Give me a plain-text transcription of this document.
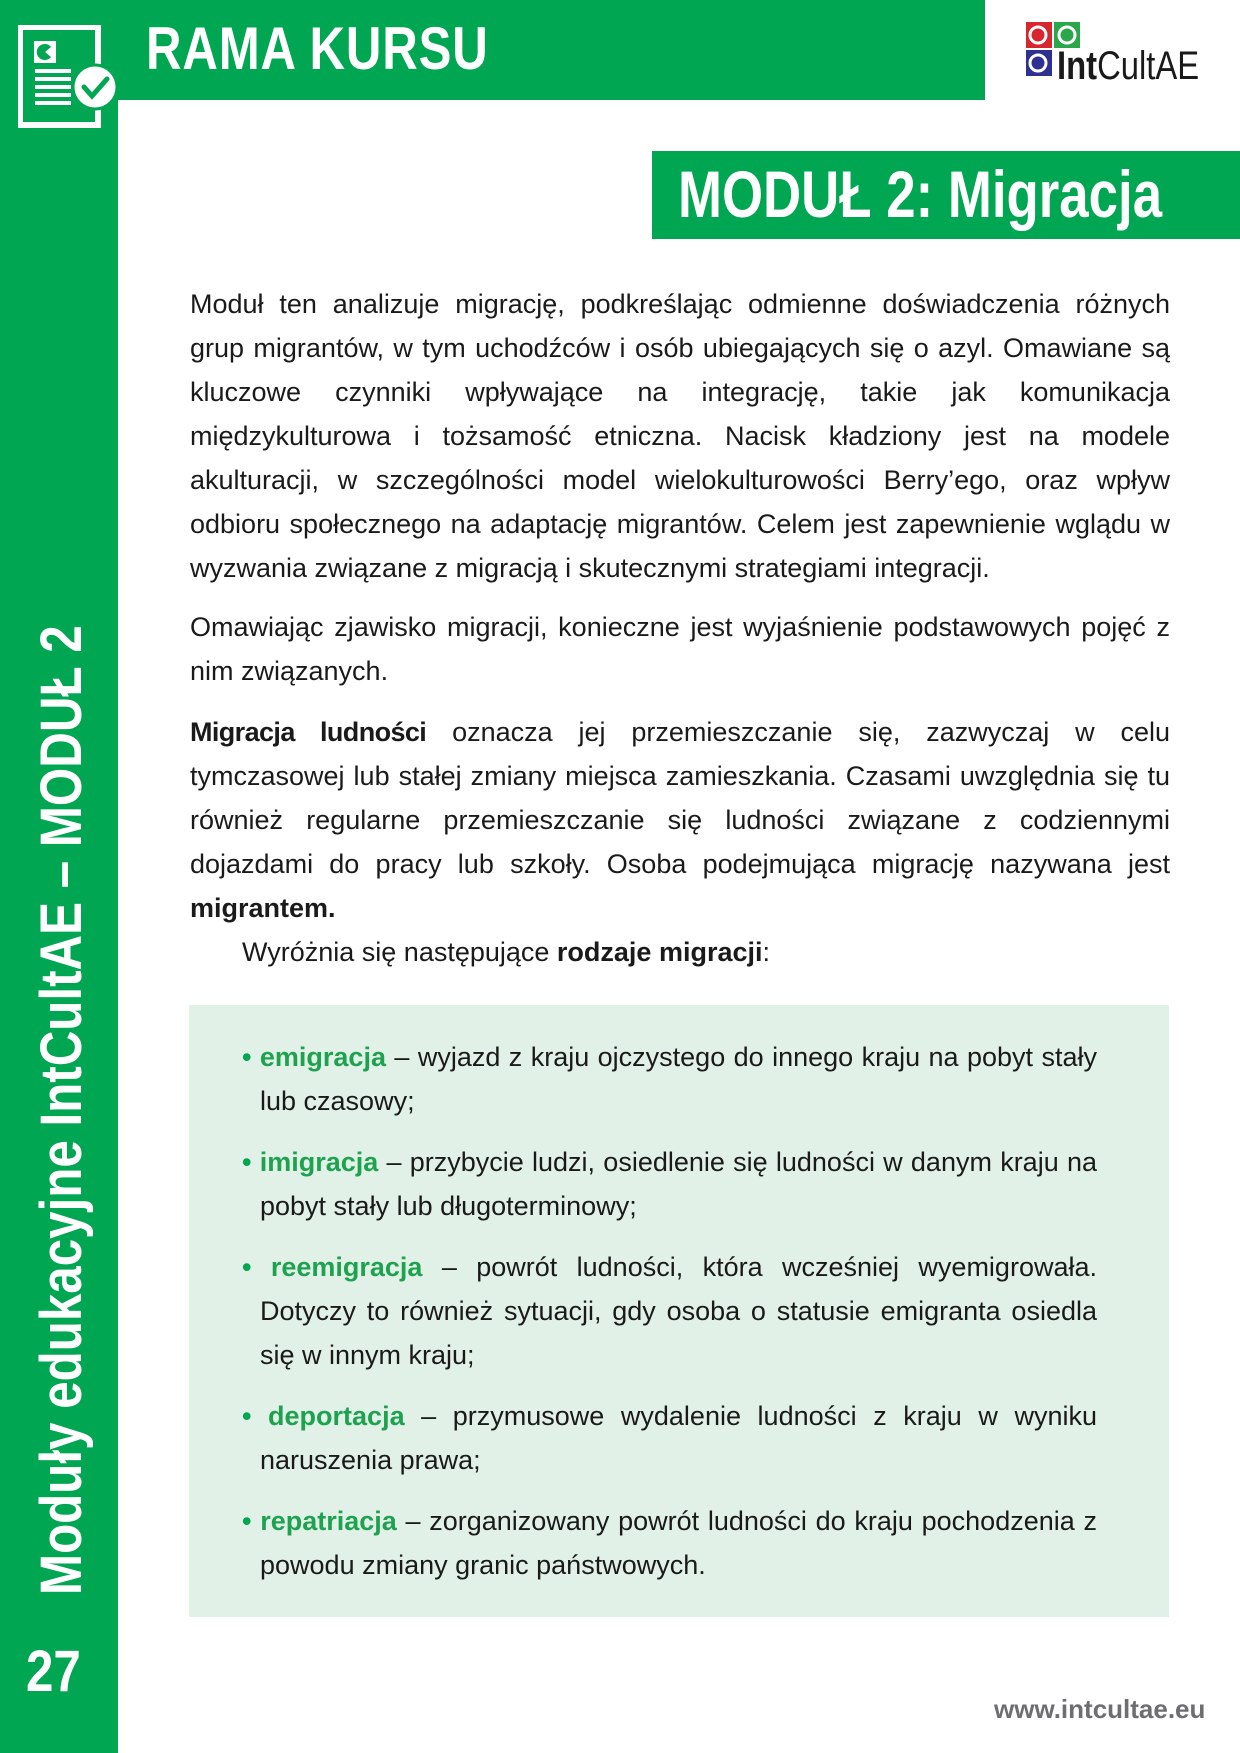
RAMA KURSU	IntCultAE
MODUŁ 2: Migracja
Moduły edukacyjne IntCultAE – MODUŁ 2
27

Moduł ten analizuje migrację, podkreślając odmienne doświadczenia różnych grup migrantów, w tym uchodźców i osób ubiegających się o azyl. Omawiane są kluczowe czynniki wpływające na integrację, takie jak komunikacja międzykulturowa i tożsamość etniczna. Nacisk kładziony jest na modele akulturacji, w szczególności model wielokulturowości Berry’ego, oraz wpływ odbioru społecznego na adaptację migrantów. Celem jest zapewnienie wglądu w wyzwania związane z migracją i skutecznymi strategiami integracji.

Omawiając zjawisko migracji, konieczne jest wyjaśnienie podstawowych pojęć z nim związanych.

Migracja ludności oznacza jej przemieszczanie się, zazwyczaj w celu tymczasowej lub stałej zmiany miejsca zamieszkania. Czasami uwzględnia się tu również regularne przemieszczanie się ludności związane z codziennymi dojazdami do pracy lub szkoły. Osoba podejmująca migrację nazywana jest migrantem.

Wyróżnia się następujące rodzaje migracji:

• emigracja – wyjazd z kraju ojczystego do innego kraju na pobyt stały lub czasowy;
• imigracja – przybycie ludzi, osiedlenie się ludności w danym kraju na pobyt stały lub długoterminowy;
• reemigracja – powrót ludności, która wcześniej wyemigrowała. Dotyczy to również sytuacji, gdy osoba o statusie emigranta osiedla się w innym kraju;
• deportacja – przymusowe wydalenie ludności z kraju w wyniku naruszenia prawa;
• repatriacja – zorganizowany powrót ludności do kraju pochodzenia z powodu zmiany granic państwowych.
www.intcultae.eu
